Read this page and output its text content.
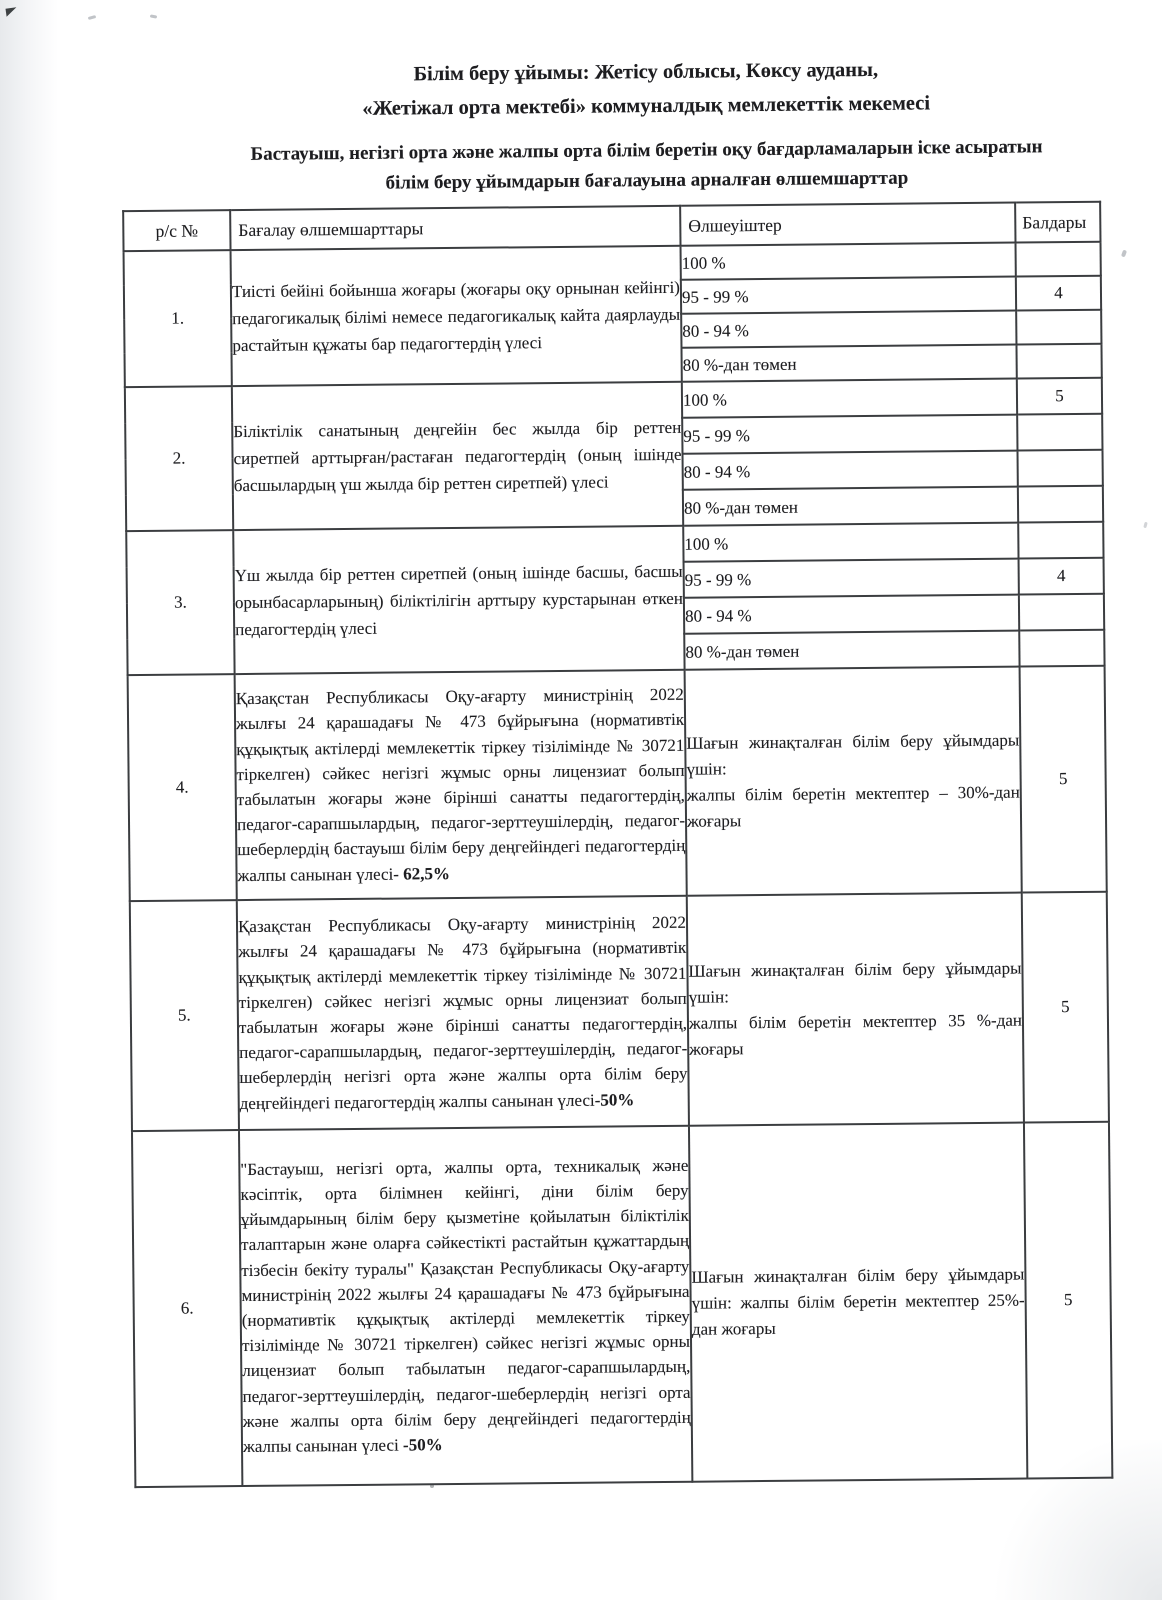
Білім беру ұйымы: Жетісу облысы, Көксу ауданы,
«Жетіжал орта мектебі» коммуналдық мемлекеттік мекемесі
Бастауыш, негізгі орта және жалпы орта білім беретін оқу бағдарламаларын іске асыратын
білім беру ұйымдарын бағалауына арналған өлшемшарттар
р/с №	Бағалау өлшемшарттары	Өлшеуіштер	Балдары
1.	Тиісті бейіні бойынша жоғары (жоғары оқу орнынан кейінгі) педагогикалық білімі немесе педагогикалық кайта даярлауды растайтын құжаты бар педагогтердің үлесі	100 %	
		95 - 99 %	4
		80 - 94 %	
		80 %-дан төмен	
2.	Біліктілік санатының деңгейін бес жылда бір реттен сиретпей арттырған/растаған педагогтердің (оның ішінде басшылардың үш жылда бір реттен сиретпей) үлесі	100 %	5
		95 - 99 %	
		80 - 94 %	
		80 %-дан төмен	
3.	Үш жылда бір реттен сиретпей (оның ішінде басшы, басшы орынбасарларының) біліктілігін арттыру курстарынан өткен педагогтердің үлесі	100 %	
		95 - 99 %	4
		80 - 94 %	
		80 %-дан төмен	
4.	Қазақстан Республикасы Оқу-ағарту министрінің 2022 жылғы 24 қарашадағы № 473 бұйрығына (нормативтік құқықтық актілерді мемлекеттік тіркеу тізілімінде № 30721 тіркелген) сәйкес негізгі жұмыс орны лицензиат болып табылатын жоғары және бірінші санатты педагогтердің, педагог-сарапшылардың, педагог-зерттеушілердің, педагог-шеберлердің бастауыш білім беру деңгейіндегі педагогтердің жалпы санынан үлесі- 62,5%	Шағын жинақталған білім беру ұйымдары үшін:
жалпы білім беретін мектептер – 30%-дан жоғары	5
5.	Қазақстан Республикасы Оқу-ағарту министрінің 2022 жылғы 24 қарашадағы № 473 бұйрығына (нормативтік құқықтық актілерді мемлекеттік тіркеу тізілімінде № 30721 тіркелген) сәйкес негізгі жұмыс орны лицензиат болып табылатын жоғары және бірінші санатты педагогтердің, педагог-сарапшылардың, педагог-зерттеушілердің, педагог-шеберлердің негізгі орта және жалпы орта білім беру деңгейіндегі педагогтердің жалпы санынан үлесі-50%	Шағын жинақталған білім беру ұйымдары үшін:
жалпы білім беретін мектептер 35 %-дан жоғары	5
6.	"Бастауыш, негізгі орта, жалпы орта, техникалық және кәсіптік, орта білімнен кейінгі, діни білім беру ұйымдарының білім беру қызметіне қойылатын біліктілік талаптарын және оларға сәйкестікті растайтын құжаттардың тізбесін бекіту туралы" Қазақстан Республикасы Оқу-ағарту министрінің 2022 жылғы 24 қарашадағы № 473 бұйрығына (нормативтік құқықтық актілерді мемлекеттік тіркеу тізілімінде № 30721 тіркелген) сәйкес негізгі жұмыс орны лицензиат болып табылатын педагог-сарапшылардың, педагог-зерттеушілердің, педагог-шеберлердің негізгі орта және жалпы орта білім беру деңгейіндегі педагогтердің жалпы санынан үлесі -50%	Шағын жинақталған білім беру ұйымдары үшін: жалпы білім беретін мектептер 25%-дан жоғары	5
